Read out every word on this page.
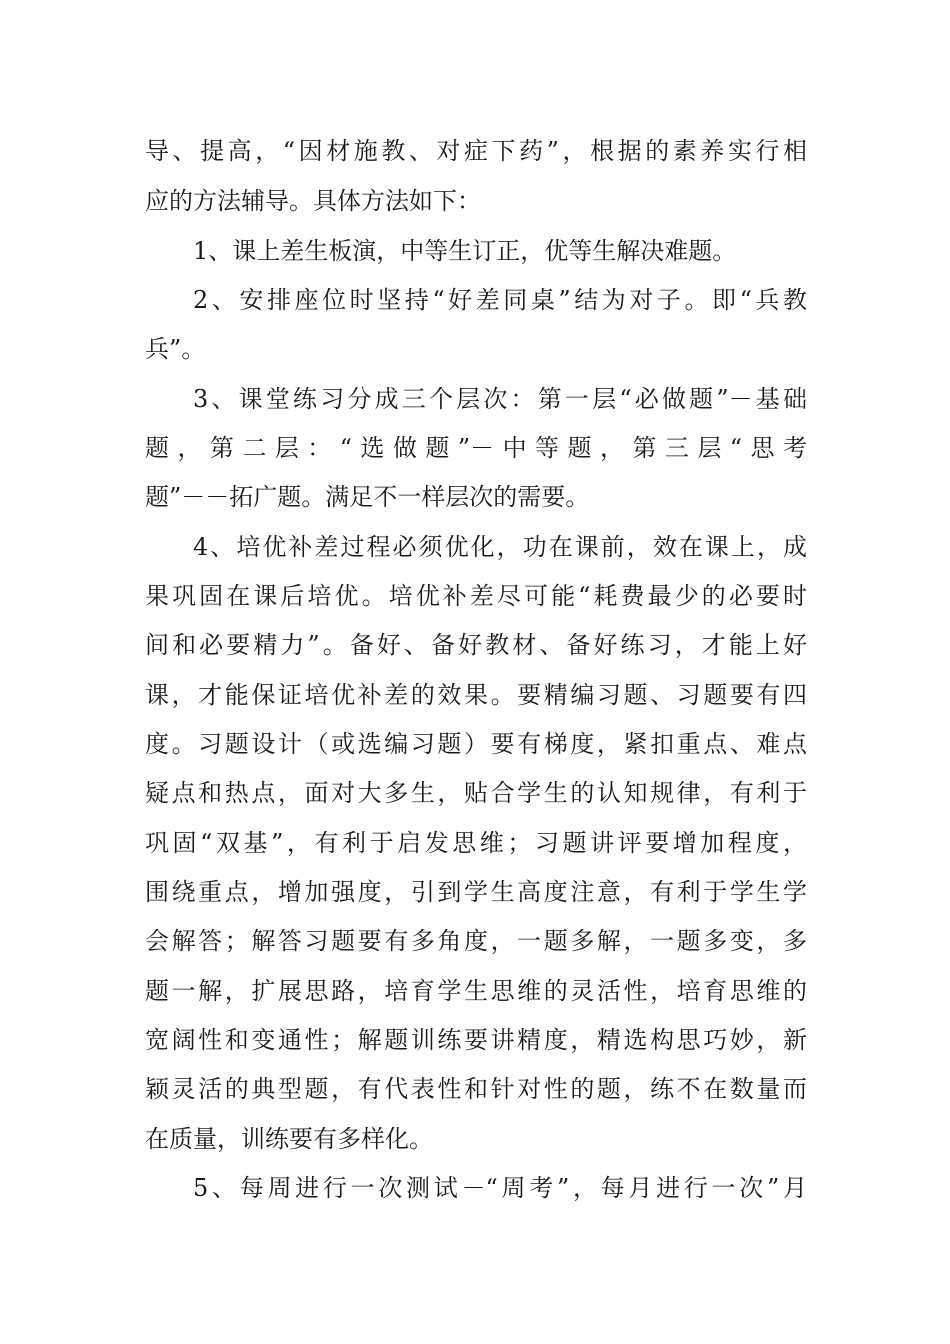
导、提高，“因材施教、对症下药”，根据的素养实行相
应的方法辅导。具体方法如下：
1、课上差生板演，中等生订正，优等生解决难题。
2、安排座位时坚持“好差同桌”结为对子。即“兵教
兵”。
3、课堂练习分成三个层次：第一层“必做题”－基础
题，第二层：“选做题”－中等题，第三层“思考
题”－－拓广题。满足不一样层次的需要。
4、培优补差过程必须优化，功在课前，效在课上，成
果巩固在课后培优。培优补差尽可能“耗费最少的必要时
间和必要精力”。备好、备好教材、备好练习，才能上好
课，才能保证培优补差的效果。要精编习题、习题要有四
度。习题设计（或选编习题）要有梯度，紧扣重点、难点
疑点和热点，面对大多生，贴合学生的认知规律，有利于
巩固“双基”，有利于启发思维；习题讲评要增加程度，
围绕重点，增加强度，引到学生高度注意，有利于学生学
会解答；解答习题要有多角度，一题多解，一题多变，多
题一解，扩展思路，培育学生思维的灵活性，培育思维的
宽阔性和变通性；解题训练要讲精度，精选构思巧妙，新
颖灵活的典型题，有代表性和针对性的题，练不在数量而
在质量，训练要有多样化。
5、每周进行一次测试－“周考”，每月进行一次”月
